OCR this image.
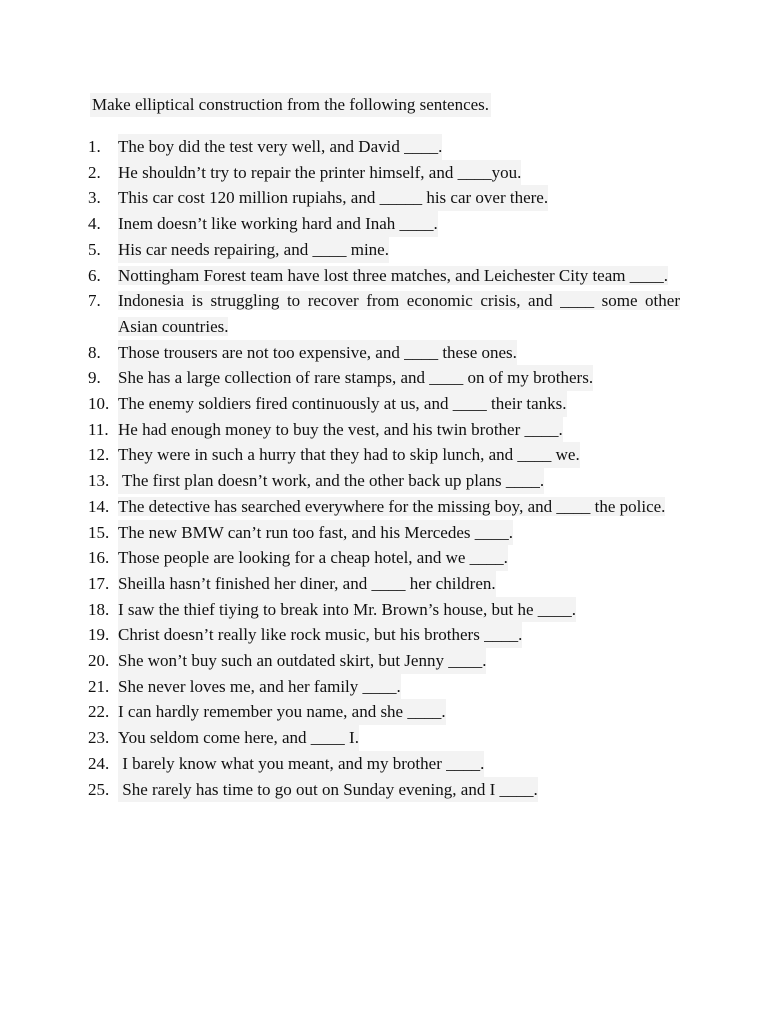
Make elliptical construction from the following sentences.
1.	The boy did the test very well, and David ____.
2.	He shouldn’t try to repair the printer himself, and ____you.
3.	This car cost 120 million rupiahs, and _____ his car over there.
4.	Inem doesn’t like working hard and Inah ____.
5.	His car needs repairing, and ____ mine.
6.	Nottingham Forest team have lost three matches, and Leichester City team ____.
7.	Indonesia is struggling to recover from economic crisis, and ____ some other Asian countries.
8.	Those trousers are not too expensive, and ____ these ones.
9.	She has a large collection of rare stamps, and ____ on of my brothers.
10. The enemy soldiers fired continuously at us, and ____ their tanks.
11. He had enough money to buy the vest, and his twin brother ____.
12. They were in such a hurry that they had to skip lunch, and ____ we.
13. The first plan doesn’t work, and the other back up plans ____.
14. The detective has searched everywhere for the missing boy, and ____ the police.
15. The new BMW can’t run too fast, and his Mercedes ____.
16. Those people are looking for a cheap hotel, and we ____.
17. Sheilla hasn’t finished her diner, and ____ her children.
18. I saw the thief tiying to break into Mr. Brown’s house, but he ____.
19. Christ doesn’t really like rock music, but his brothers ____.
20. She won’t buy such an outdated skirt, but Jenny ____.
21. She never loves me, and her family ____.
22. I can hardly remember you name, and she ____.
23. You seldom come here, and ____ I.
24. I barely know what you meant, and my brother ____.
25. She rarely has time to go out on Sunday evening, and I ____.
